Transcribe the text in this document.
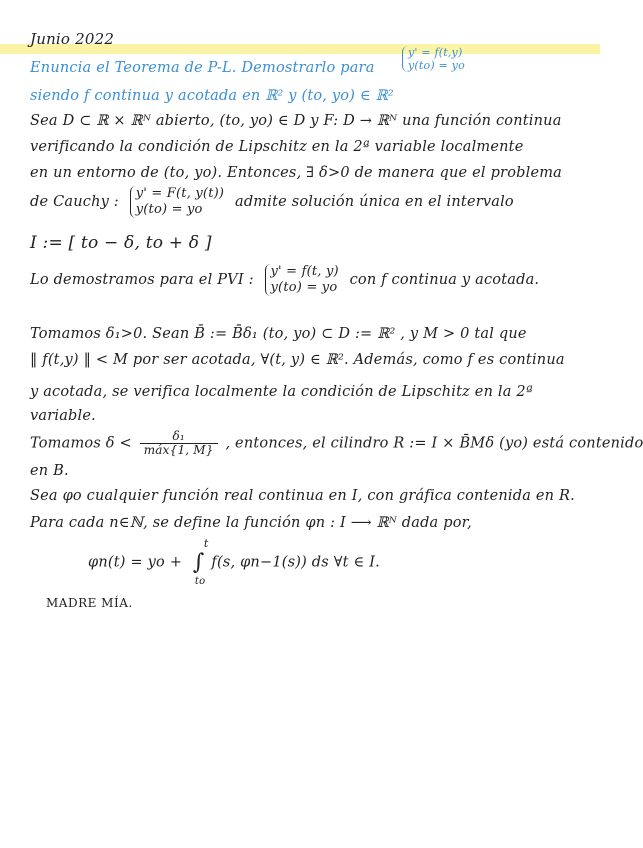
Junio 2022
Enuncia el Teorema de P-L. Demostrarlo para
y' = f(t,y)
y(to) = yo
siendo f continua y acotada en ℝ² y (to, yo) ∈ ℝ²
Sea D ⊂ ℝ × ℝᴺ abierto, (to, yo) ∈ D y F: D → ℝᴺ una función continua
verificando la condición de Lipschitz en la 2ª variable localmente
en un entorno de (to, yo). Entonces, ∃ δ>0 de manera que el problema
de Cauchy :
y' = F(t, y(t))
y(to) = yo	admite solución única en el intervalo
I := [ to − δ, to + δ ]
Lo demostramos para el PVI :
y' = f(t, y)
y(to) = yo con f continua y acotada.
Tomamos δ₁>0. Sean B̄ := B̄δ₁ (to, yo) ⊂ D := ℝ² , y M > 0 tal que
‖ f(t,y) ‖ < M por ser acotada, ∀(t, y) ∈ ℝ². Además, como f es continua
y acotada, se verifica localmente la condición de Lipschitz en la 2ª
variable.
Tomamos $\delta < \frac{\text{δ₁}}{\text{máx\{1, M\}}}$ , entonces, el cilindro R := I × B̄Mδ (yo) está contenido
en B.
Sea φo cualquier función real continua en I, con gráfica contenida en R.
Para cada n∈ℕ, se define la función φn : I ⟶ ℝᴺ dada por,
φn(t) = yo + ∫
t
to
f(s, φn−1(s)) ds ∀t ∈ I.
MADRE MÍA.
